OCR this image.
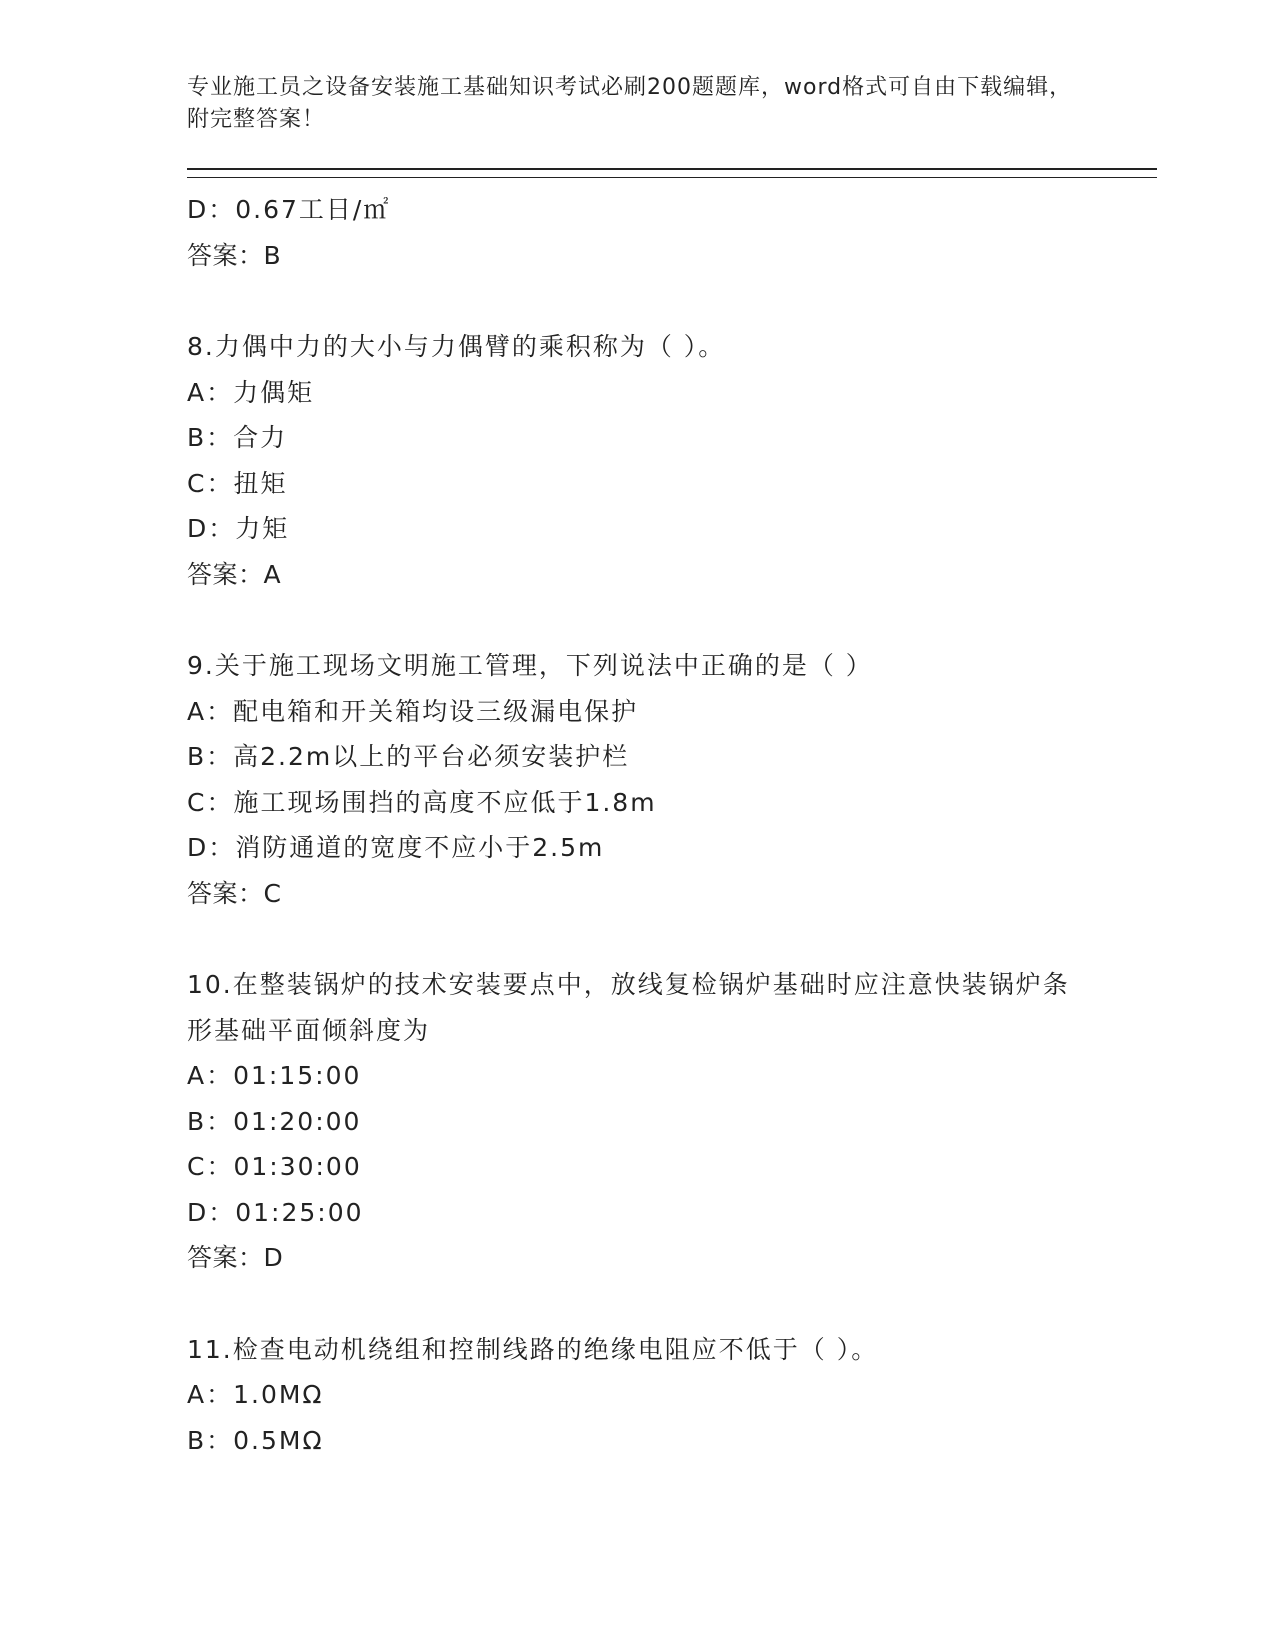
专业施工员之设备安装施工基础知识考试必刷200题题库，word格式可自由下载编辑，附完整答案！
D：0.67工日/㎡
答案：B
8.力偶中力的大小与力偶臂的乘积称为（ ）。
A：力偶矩
B：合力
C：扭矩
D：力矩
答案：A
9.关于施工现场文明施工管理，下列说法中正确的是（ ）
A：配电箱和开关箱均设三级漏电保护
B：高2.2m以上的平台必须安装护栏
C：施工现场围挡的高度不应低于1.8m
D：消防通道的宽度不应小于2.5m
答案：C
10.在整装锅炉的技术安装要点中，放线复检锅炉基础时应注意快装锅炉条形基础平面倾斜度为
A：01:15:00
B：01:20:00
C：01:30:00
D：01:25:00
答案：D
11.检查电动机绕组和控制线路的绝缘电阻应不低于（ ）。
A：1.0MΩ
B：0.5MΩ
